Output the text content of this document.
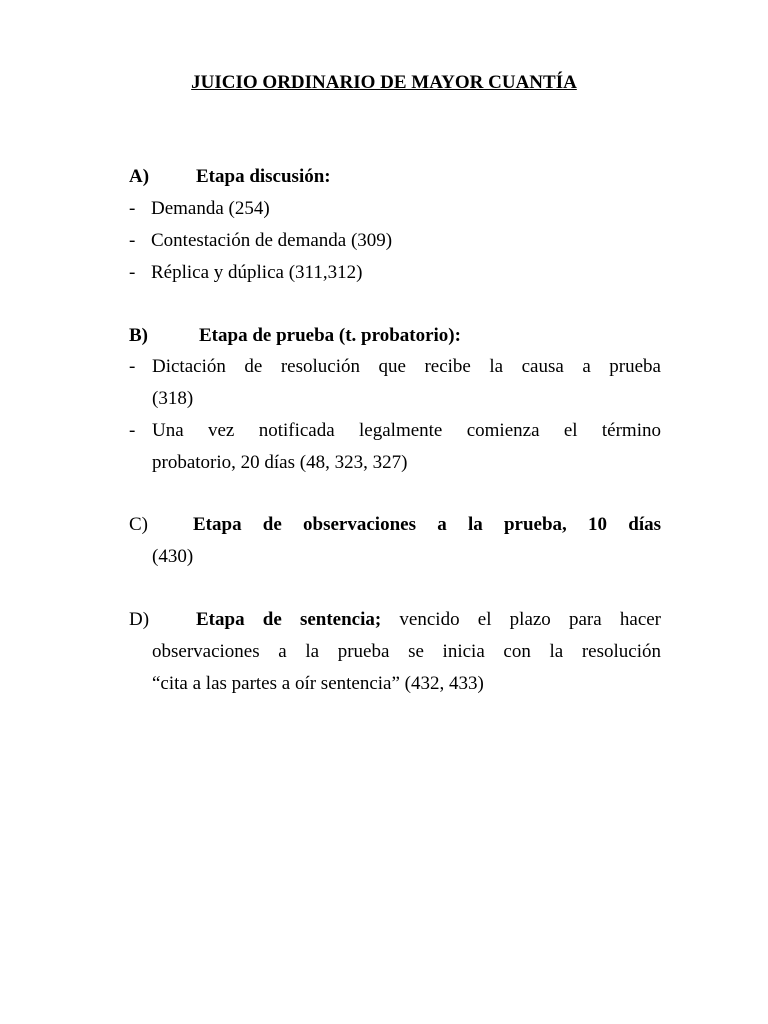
JUICIO ORDINARIO DE MAYOR CUANTÍA
A) Etapa discusión:
- Demanda (254)
- Contestación de demanda (309)
- Réplica y dúplica (311,312)
B)	Etapa de prueba (t. probatorio):
- Dictación de resolución que recibe la causa a prueba
(318)
- Una vez notificada legalmente comienza el término
probatorio, 20 días (48, 323, 327)
C)	Etapa de observaciones a la prueba, 10 días
(430)
D)	Etapa de sentencia; vencido el plazo para hacer
observaciones a la prueba se inicia con la resolución
“cita a las partes a oír sentencia” (432, 433)
